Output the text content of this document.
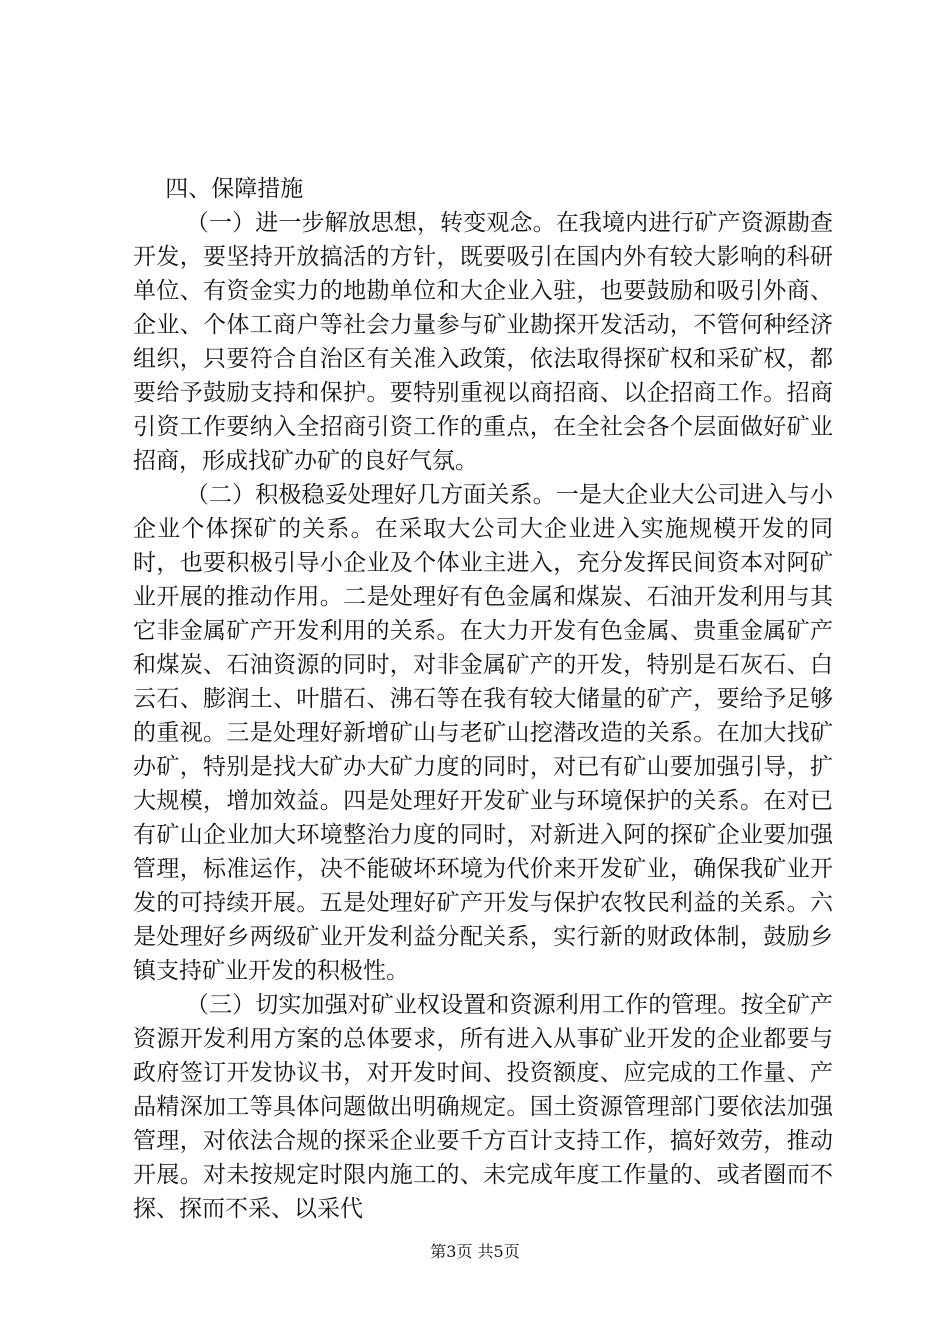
四、保障措施

（一）进一步解放思想，转变观念。在我境内进行矿产资源勘查开发，要坚持开放搞活的方针，既要吸引在国内外有较大影响的科研单位、有资金实力的地勘单位和大企业入驻，也要鼓励和吸引外商、企业、个体工商户等社会力量参与矿业勘探开发活动，不管何种经济组织，只要符合自治区有关准入政策，依法取得探矿权和采矿权，都要给予鼓励支持和保护。要特别重视以商招商、以企招商工作。招商引资工作要纳入全招商引资工作的重点，在全社会各个层面做好矿业招商，形成找矿办矿的良好气氛。

（二）积极稳妥处理好几方面关系。一是大企业大公司进入与小企业个体探矿的关系。在采取大公司大企业进入实施规模开发的同时，也要积极引导小企业及个体业主进入，充分发挥民间资本对阿矿业开展的推动作用。二是处理好有色金属和煤炭、石油开发利用与其它非金属矿产开发利用的关系。在大力开发有色金属、贵重金属矿产和煤炭、石油资源的同时，对非金属矿产的开发，特别是石灰石、白云石、膨润土、叶腊石、沸石等在我有较大储量的矿产，要给予足够的重视。三是处理好新增矿山与老矿山挖潜改造的关系。在加大找矿办矿，特别是找大矿办大矿力度的同时，对已有矿山要加强引导，扩大规模，增加效益。四是处理好开发矿业与环境保护的关系。在对已有矿山企业加大环境整治力度的同时，对新进入阿的探矿企业要加强管理，标准运作，决不能破坏环境为代价来开发矿业，确保我矿业开发的可持续开展。五是处理好矿产开发与保护农牧民利益的关系。六是处理好乡两级矿业开发利益分配关系，实行新的财政体制，鼓励乡镇支持矿业开发的积极性。

（三）切实加强对矿业权设置和资源利用工作的管理。按全矿产资源开发利用方案的总体要求，所有进入从事矿业开发的企业都要与政府签订开发协议书，对开发时间、投资额度、应完成的工作量、产品精深加工等具体问题做出明确规定。国土资源管理部门要依法加强管理，对依法合规的探采企业要千方百计支持工作，搞好效劳，推动开展。对未按规定时限内施工的、未完成年度工作量的、或者圈而不探、探而不采、以采代

第3页 共5页
